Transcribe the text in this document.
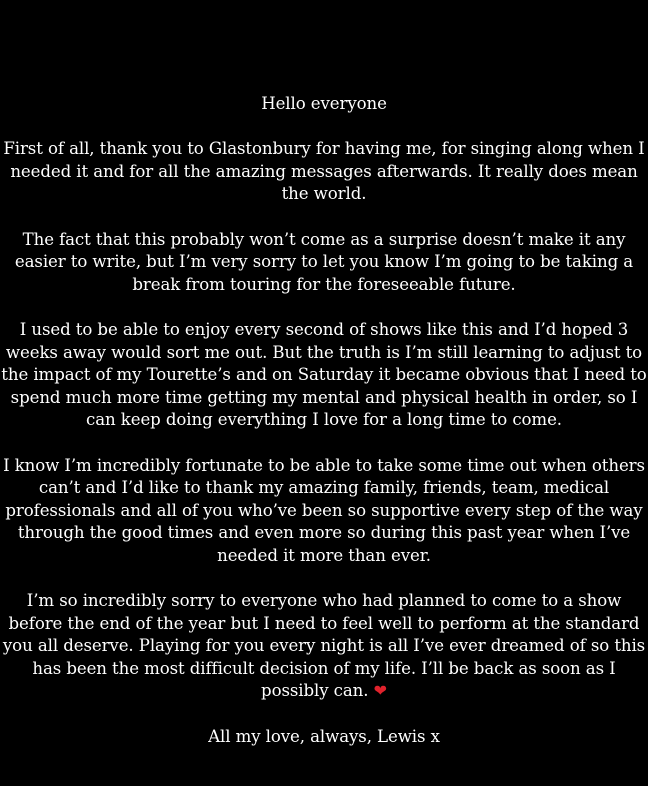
Hello everyone

First of all, thank you to Glastonbury for having me, for singing along when I needed it and for all the amazing messages afterwards. It really does mean the world.

The fact that this probably won’t come as a surprise doesn’t make it any easier to write, but I’m very sorry to let you know I’m going to be taking a break from touring for the foreseeable future.

I used to be able to enjoy every second of shows like this and I’d hoped 3 weeks away would sort me out. But the truth is I’m still learning to adjust to the impact of my Tourette’s and on Saturday it became obvious that I need to spend much more time getting my mental and physical health in order, so I can keep doing everything I love for a long time to come.

I know I’m incredibly fortunate to be able to take some time out when others can’t and I’d like to thank my amazing family, friends, team, medical professionals and all of you who’ve been so supportive every step of the way through the good times and even more so during this past year when I’ve needed it more than ever.

I’m so incredibly sorry to everyone who had planned to come to a show before the end of the year but I need to feel well to perform at the standard you all deserve. Playing for you every night is all I’ve ever dreamed of so this has been the most difficult decision of my life. I’ll be back as soon as I possibly can. ❤

All my love, always, Lewis x
